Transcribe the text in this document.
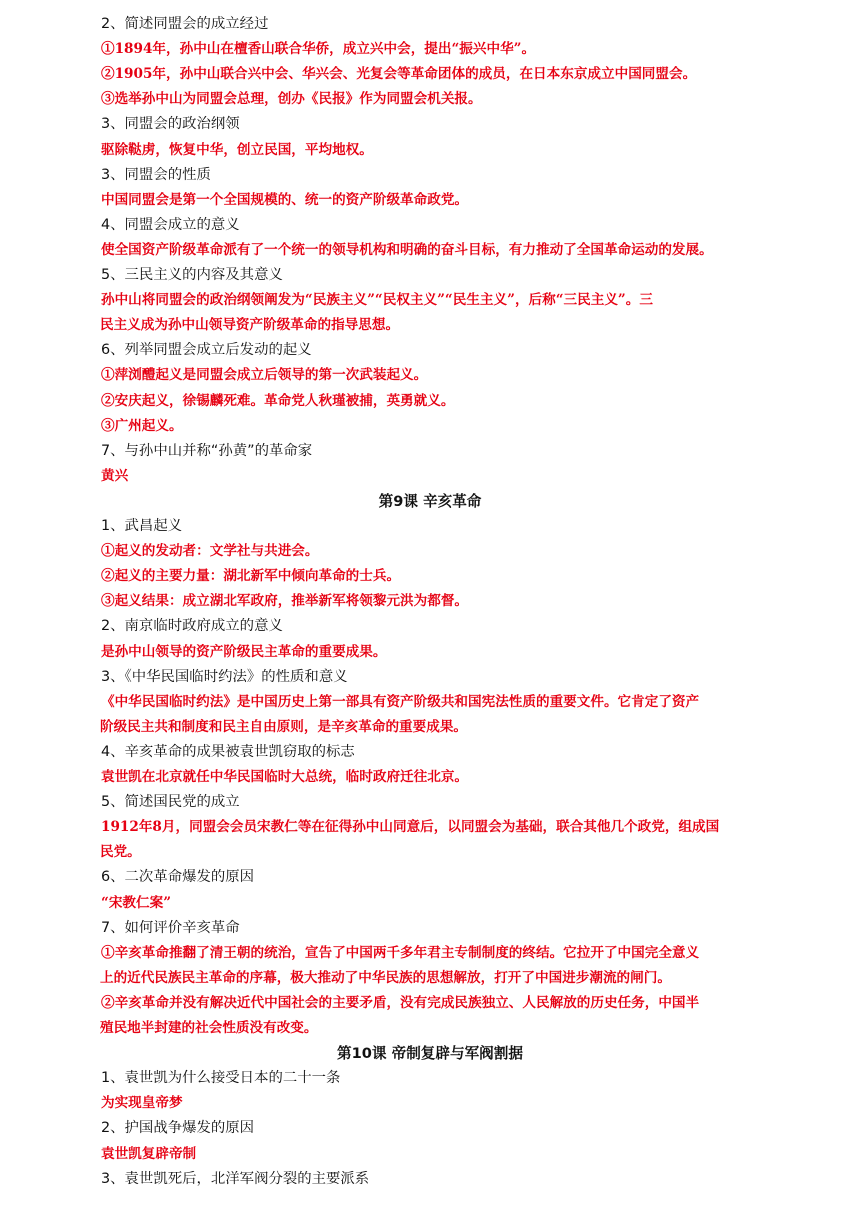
2、简述同盟会的成立经过
①1894年，孙中山在檀香山联合华侨，成立兴中会，提出“振兴中华”。
②1905年，孙中山联合兴中会、华兴会、光复会等革命团体的成员，在日本东京成立中国同盟会。
③选举孙中山为同盟会总理，创办《民报》作为同盟会机关报。
3、同盟会的政治纲领
驱除鞑虏，恢复中华，创立民国，平均地权。
3、同盟会的性质
中国同盟会是第一个全国规模的、统一的资产阶级革命政党。
4、同盟会成立的意义
使全国资产阶级革命派有了一个统一的领导机构和明确的奋斗目标，有力推动了全国革命运动的发展。
5、三民主义的内容及其意义
孙中山将同盟会的政治纲领阐发为“民族主义”“民权主义”“民生主义”，后称“三民主义”。三
民主义成为孙中山领导资产阶级革命的指导思想。
6、列举同盟会成立后发动的起义
①萍浏醴起义是同盟会成立后领导的第一次武装起义。
②安庆起义，徐锡麟死难。革命党人秋瑾被捕，英勇就义。
③广州起义。
7、与孙中山并称“孙黄”的革命家
黄兴
第9课 辛亥革命
1、武昌起义
①起义的发动者：文学社与共进会。
②起义的主要力量：湖北新军中倾向革命的士兵。
③起义结果：成立湖北军政府，推举新军将领黎元洪为都督。
2、南京临时政府成立的意义
是孙中山领导的资产阶级民主革命的重要成果。
3、《中华民国临时约法》的性质和意义
《中华民国临时约法》是中国历史上第一部具有资产阶级共和国宪法性质的重要文件。它肯定了资产
阶级民主共和制度和民主自由原则，是辛亥革命的重要成果。
4、辛亥革命的成果被袁世凯窃取的标志
袁世凯在北京就任中华民国临时大总统，临时政府迁往北京。
5、简述国民党的成立
1912年8月，同盟会会员宋教仁等在征得孙中山同意后，以同盟会为基础，联合其他几个政党，组成国
民党。
6、二次革命爆发的原因
“宋教仁案”
7、如何评价辛亥革命
①辛亥革命推翻了清王朝的统治，宣告了中国两千多年君主专制制度的终结。它拉开了中国完全意义
上的近代民族民主革命的序幕，极大推动了中华民族的思想解放，打开了中国进步潮流的闸门。
②辛亥革命并没有解决近代中国社会的主要矛盾，没有完成民族独立、人民解放的历史任务，中国半
殖民地半封建的社会性质没有改变。
第10课 帝制复辟与军阀割据
1、袁世凯为什么接受日本的二十一条
为实现皇帝梦
2、护国战争爆发的原因
袁世凯复辟帝制
3、袁世凯死后，北洋军阀分裂的主要派系
